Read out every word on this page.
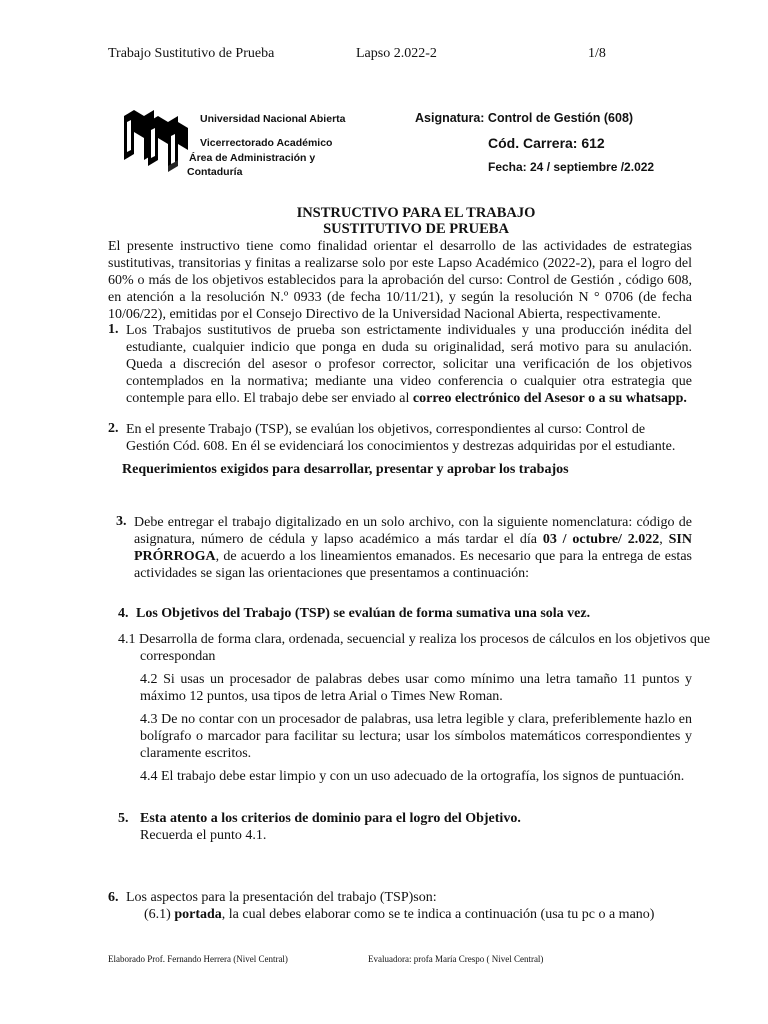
Trabajo Sustitutivo de Prueba	Lapso 2.022-2	1/8
Universidad Nacional Abierta
Vicerrectorado Académico
Área de Administración y
Contaduría
Asignatura: Control de Gestión (608)
Cód. Carrera: 612
Fecha: 24 / septiembre /2.022
INSTRUCTIVO PARA EL TRABAJO
SUSTITUTIVO DE PRUEBA

El presente instructivo tiene como finalidad orientar el desarrollo de las actividades de estrategias sustitutivas, transitorias y finitas a realizarse solo por este Lapso Académico (2022-2), para el logro del 60% o más de los objetivos establecidos para la aprobación del curso: Control de Gestión , código 608, en atención a la resolución N.º 0933 (de fecha 10/11/21), y según la resolución N ° 0706 (de fecha 10/06/22), emitidas por el Consejo Directivo de la Universidad Nacional Abierta, respectivamente.

1. Los Trabajos sustitutivos de prueba son estrictamente individuales y una producción inédita del estudiante, cualquier indicio que ponga en duda su originalidad, será motivo para su anulación. Queda a discreción del asesor o profesor corrector, solicitar una verificación de los objetivos contemplados en la normativa; mediante una video conferencia o cualquier otra estrategia que contemple para ello. El trabajo debe ser enviado al correo electrónico del Asesor o a su whatsapp.

2. En el presente Trabajo (TSP), se evalúan los objetivos, correspondientes al curso: Control de Gestión Cód. 608. En él se evidenciará los conocimientos y destrezas adquiridas por el estudiante.

Requerimientos exigidos para desarrollar, presentar y aprobar los trabajos
3. Debe entregar el trabajo digitalizado en un solo archivo, con la siguiente nomenclatura: código de asignatura, número de cédula y lapso académico a más tardar el día 03 / octubre/ 2.022, SIN PRÓRROGA, de acuerdo a los lineamientos emanados. Es necesario que para la entrega de estas actividades se sigan las orientaciones que presentamos a continuación:

4. Los Objetivos del Trabajo (TSP) se evalúan de forma sumativa una sola vez.

4.1 Desarrolla de forma clara, ordenada, secuencial y realiza los procesos de cálculos en los objetivos que correspondan

4.2 Si usas un procesador de palabras debes usar como mínimo una letra tamaño 11 puntos y máximo 12 puntos, usa tipos de letra Arial o Times New Roman.

4.3 De no contar con un procesador de palabras, usa letra legible y clara, preferiblemente hazlo en bolígrafo o marcador para facilitar su lectura; usar los símbolos matemáticos correspondientes y claramente escritos.

4.4 El trabajo debe estar limpio y con un uso adecuado de la ortografía, los signos de puntuación.

5. Esta atento a los criterios de dominio para el logro del Objetivo.

Recuerda el punto 4.1.

6. Los aspectos para la presentación del trabajo (TSP)son:

(6.1) portada, la cual debes elaborar como se te indica a continuación (usa tu pc o a mano)

Elaborado Prof. Fernando Herrera (Nivel Central)	Evaluadora: profa María Crespo ( Nivel Central)
